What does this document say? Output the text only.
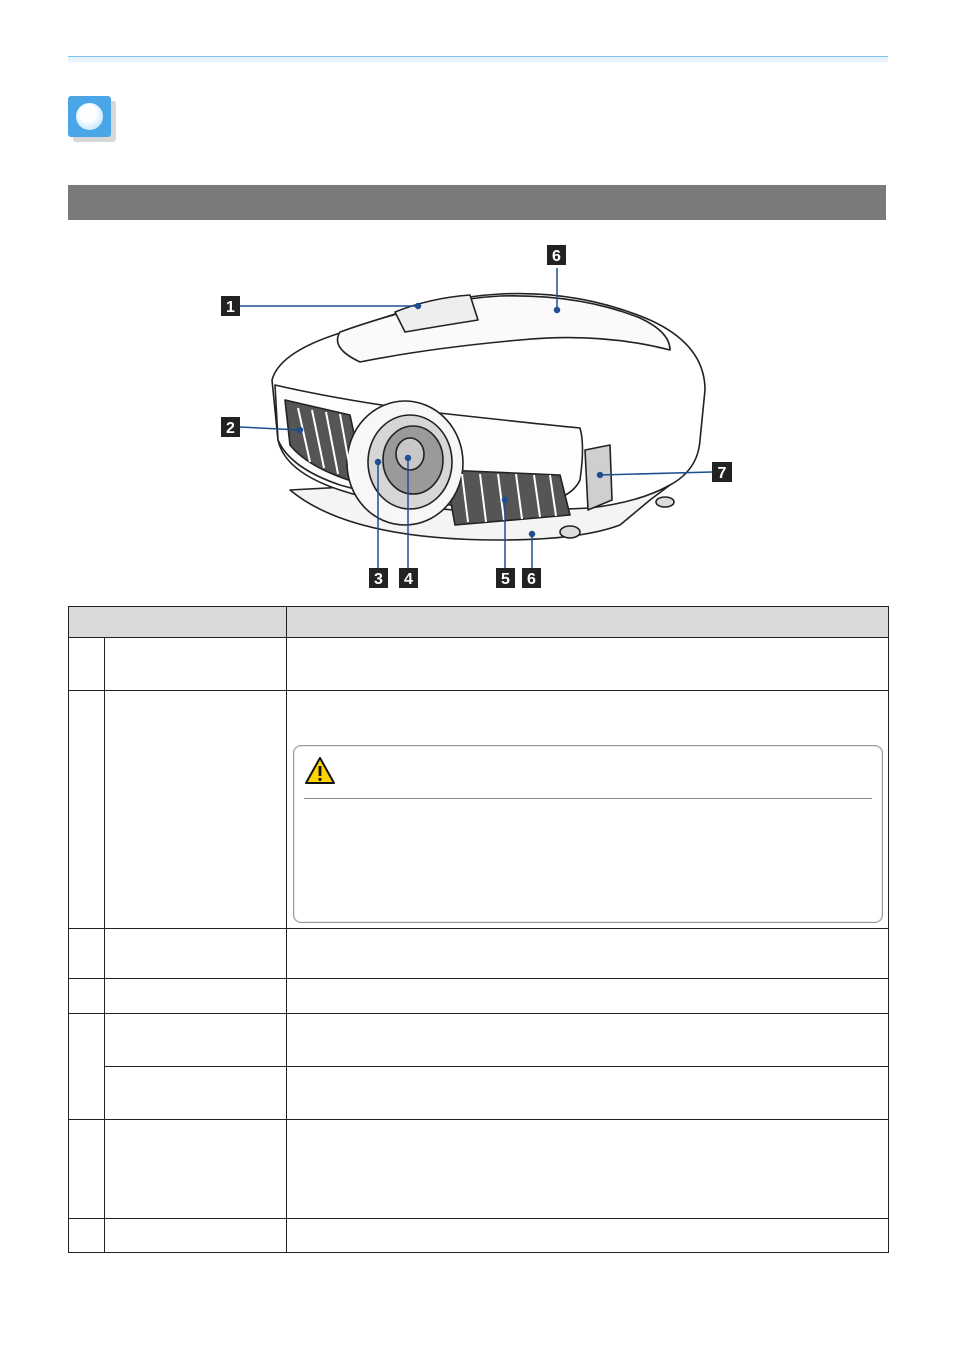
1
2
3 4	5 6
6
7
